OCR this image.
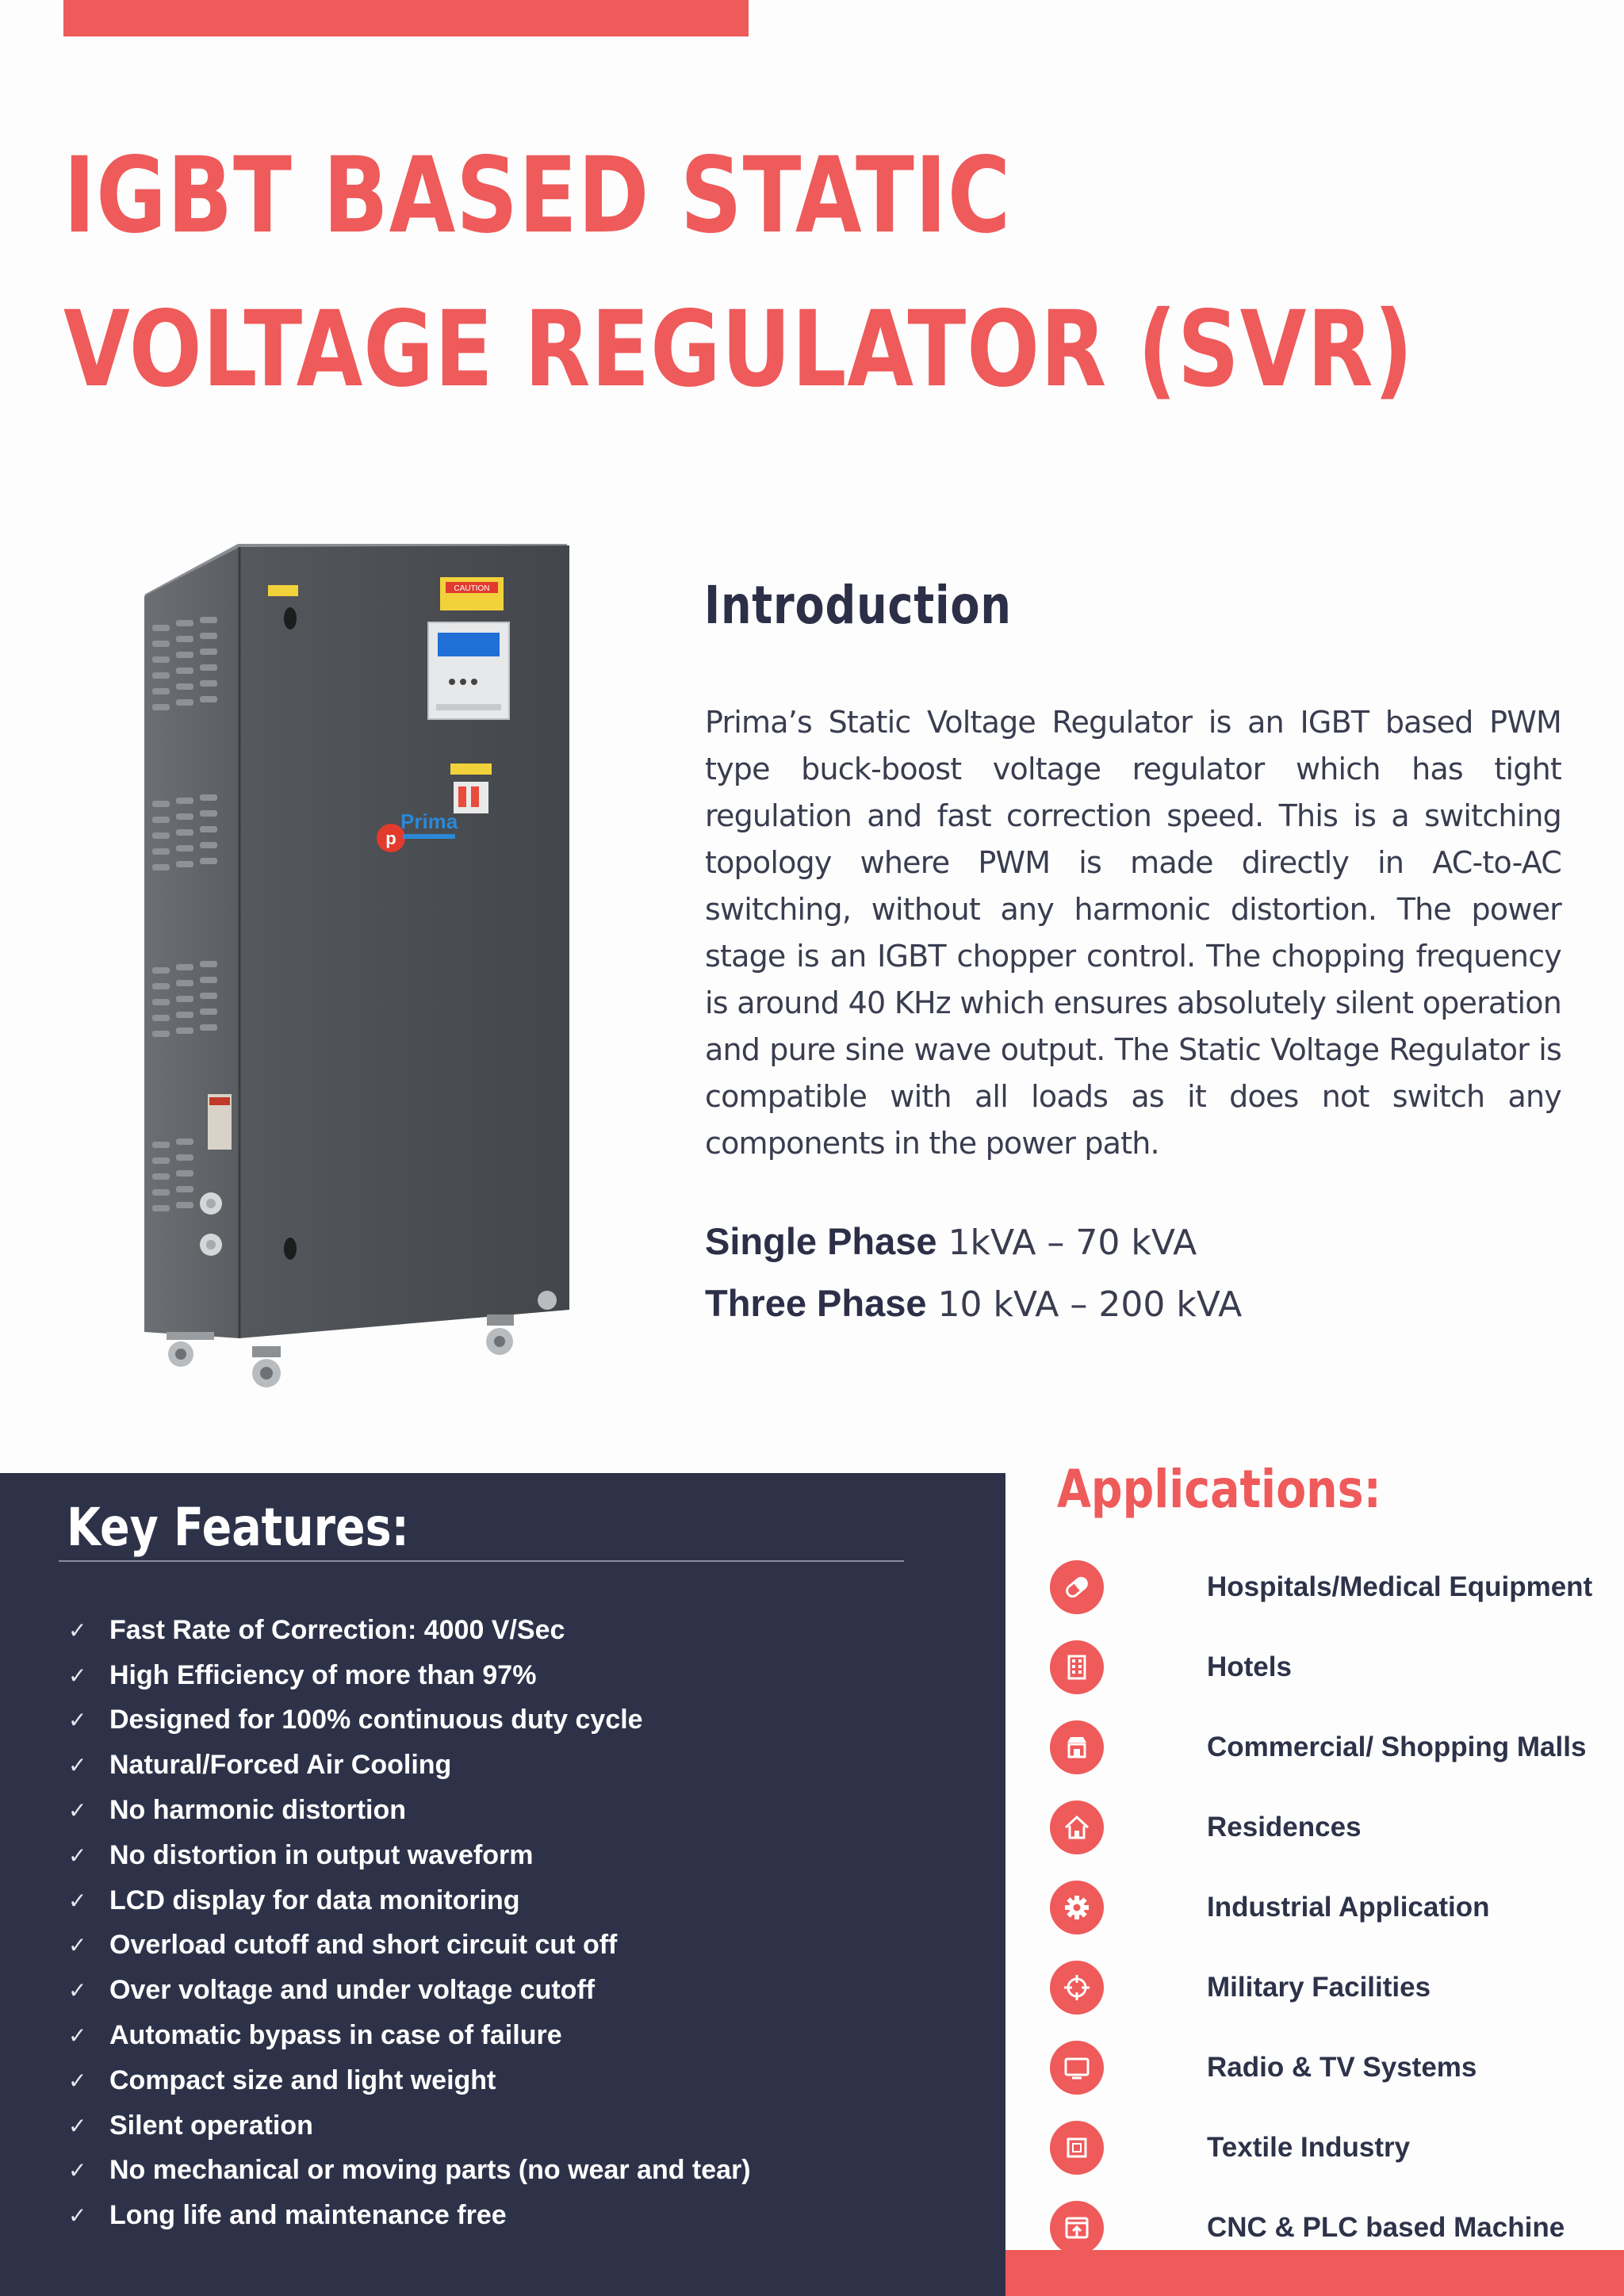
IGBT BASED STATIC
VOLTAGE REGULATOR (SVR)
CAUTION
p
Prima
Introduction

Prima’s Static Voltage Regulator is an IGBT based PWM type buck-boost voltage regulator which has tight regulation and fast correction speed. This is a switching topology where PWM is made directly in AC-to-AC switching, without any harmonic distortion. The power stage is an IGBT chopper control. The chopping frequency is around 40 KHz which ensures absolutely silent operation and pure sine wave output. The Static Voltage Regulator is compatible with all loads as it does not switch any components in the power path.

Single Phase 1kVA – 70 kVA
Three Phase 10 kVA – 200 kVA
Key Features:
✓ Fast Rate of Correction: 4000 V/Sec
✓ High Efficiency of more than 97%
✓ Designed for 100% continuous duty cycle
✓ Natural/Forced Air Cooling
✓ No harmonic distortion
✓ No distortion in output waveform
✓ LCD display for data monitoring
✓ Overload cutoff and short circuit cut off
✓ Over voltage and under voltage cutoff
✓ Automatic bypass in case of failure
✓ Compact size and light weight
✓ Silent operation
✓ No mechanical or moving parts (no wear and tear)
✓ Long life and maintenance free
Applications:
Hospitals/Medical Equipment
Hotels
Commercial/ Shopping Malls
Residences
Industrial Application
Military Facilities
Radio & TV Systems
Textile Industry
CNC & PLC based Machine
